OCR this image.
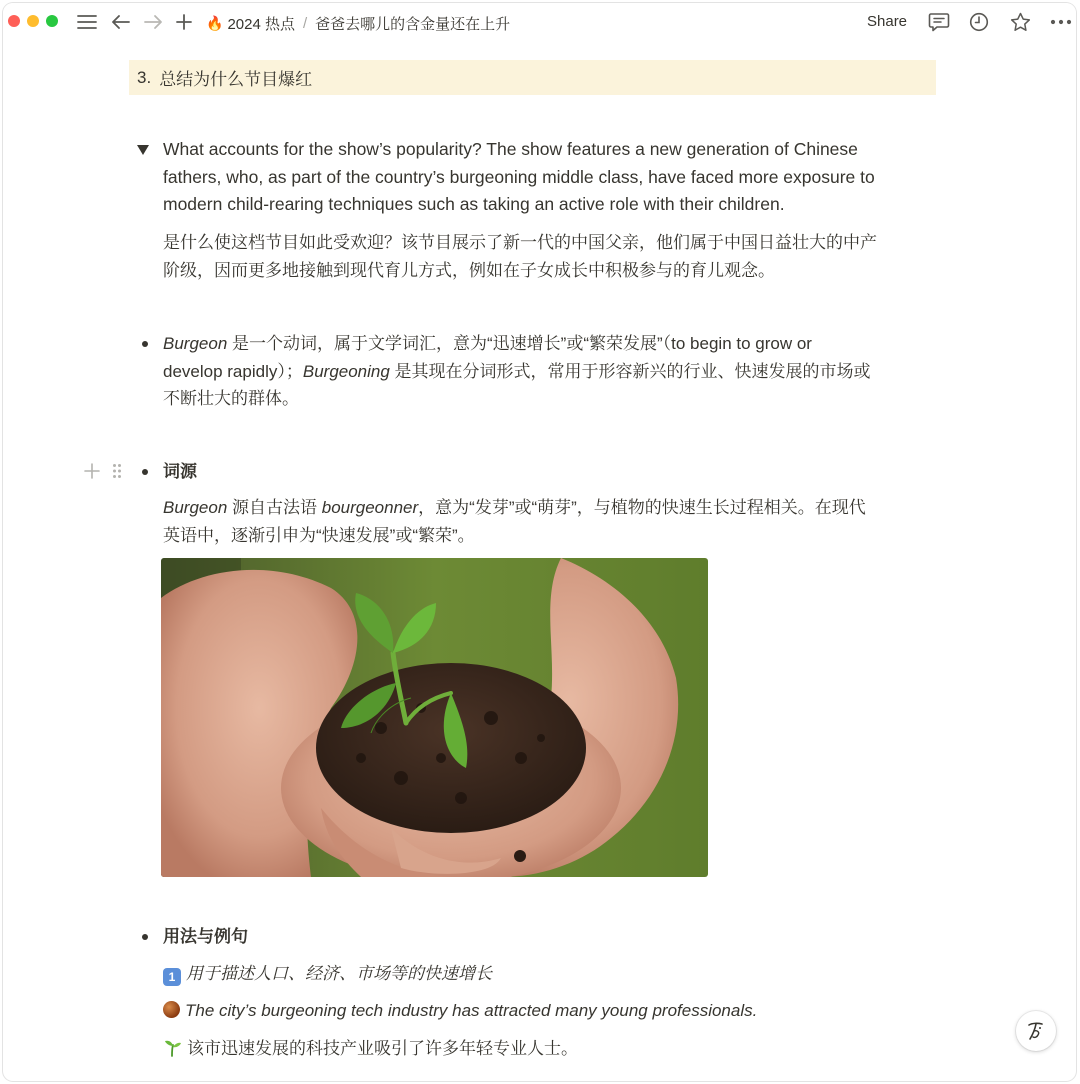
🔥 2024 热点 / 爸爸去哪儿的含金量还在上升	Share
3. 总结为什么节目爆红
What accounts for the show’s popularity? The show features a new generation of Chinese
fathers, who, as part of the country’s burgeoning middle class, have faced more exposure to
modern child-rearing techniques such as taking an active role with their children.
是什么使这档节目如此受欢迎？该节目展示了新一代的中国父亲，他们属于中国日益壮大的中产
阶级，因而更多地接触到现代育儿方式，例如在子女成长中积极参与的育儿观念。
Burgeon 是一个动词，属于文学词汇，意为“迅速增长”或“繁荣发展”（to begin to grow or
develop rapidly）；Burgeoning 是其现在分词形式，常用于形容新兴的行业、快速发展的市场或
不断壮大的群体。
词源
Burgeon 源自古法语 bourgeonner，意为“发芽”或“萌芽”，与植物的快速生长过程相关。在现代
英语中，逐渐引申为“快速发展”或“繁荣”。
用法与例句
1 用于描述人口、经济、市场等的快速增长
The city’s burgeoning tech industry has attracted many young professionals.
该市迅速发展的科技产业吸引了许多年轻专业人士。
